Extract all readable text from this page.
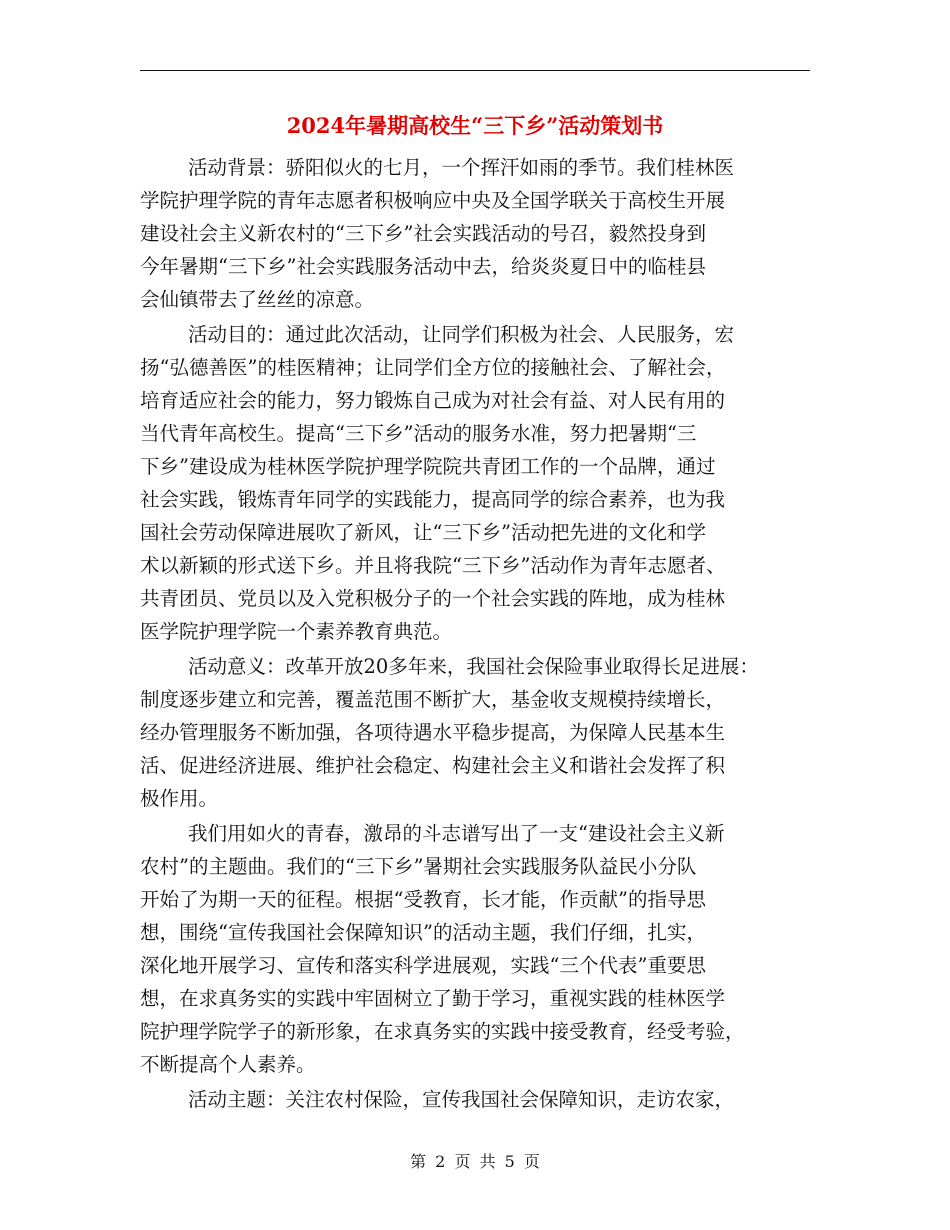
2024年暑期高校生“三下乡”活动策划书
活动背景：骄阳似火的七月，一个挥汗如雨的季节。我们桂林医
学院护理学院的青年志愿者积极响应中央及全国学联关于高校生开展
建设社会主义新农村的“三下乡”社会实践活动的号召，毅然投身到
今年暑期“三下乡”社会实践服务活动中去，给炎炎夏日中的临桂县
会仙镇带去了丝丝的凉意。
活动目的：通过此次活动，让同学们积极为社会、人民服务，宏
扬“弘德善医”的桂医精神；让同学们全方位的接触社会、了解社会，
培育适应社会的能力，努力锻炼自己成为对社会有益、对人民有用的
当代青年高校生。提高“三下乡”活动的服务水准，努力把暑期“三
下乡”建设成为桂林医学院护理学院院共青团工作的一个品牌，通过
社会实践，锻炼青年同学的实践能力，提高同学的综合素养，也为我
国社会劳动保障进展吹了新风，让“三下乡”活动把先进的文化和学
术以新颖的形式送下乡。并且将我院“三下乡”活动作为青年志愿者、
共青团员、党员以及入党积极分子的一个社会实践的阵地，成为桂林
医学院护理学院一个素养教育典范。
活动意义：改革开放20多年来，我国社会保险事业取得长足进展：
制度逐步建立和完善，覆盖范围不断扩大，基金收支规模持续增长，
经办管理服务不断加强，各项待遇水平稳步提高，为保障人民基本生
活、促进经济进展、维护社会稳定、构建社会主义和谐社会发挥了积
极作用。
我们用如火的青春，激昂的斗志谱写出了一支“建设社会主义新
农村”的主题曲。我们的“三下乡”暑期社会实践服务队益民小分队
开始了为期一天的征程。根据“受教育，长才能，作贡献”的指导思
想，围绕“宣传我国社会保障知识”的活动主题，我们仔细，扎实，
深化地开展学习、宣传和落实科学进展观，实践“三个代表”重要思
想，在求真务实的实践中牢固树立了勤于学习，重视实践的桂林医学
院护理学院学子的新形象，在求真务实的实践中接受教育，经受考验，
不断提高个人素养。
活动主题：关注农村保险，宣传我国社会保障知识，走访农家，
第 2 页 共 5 页
